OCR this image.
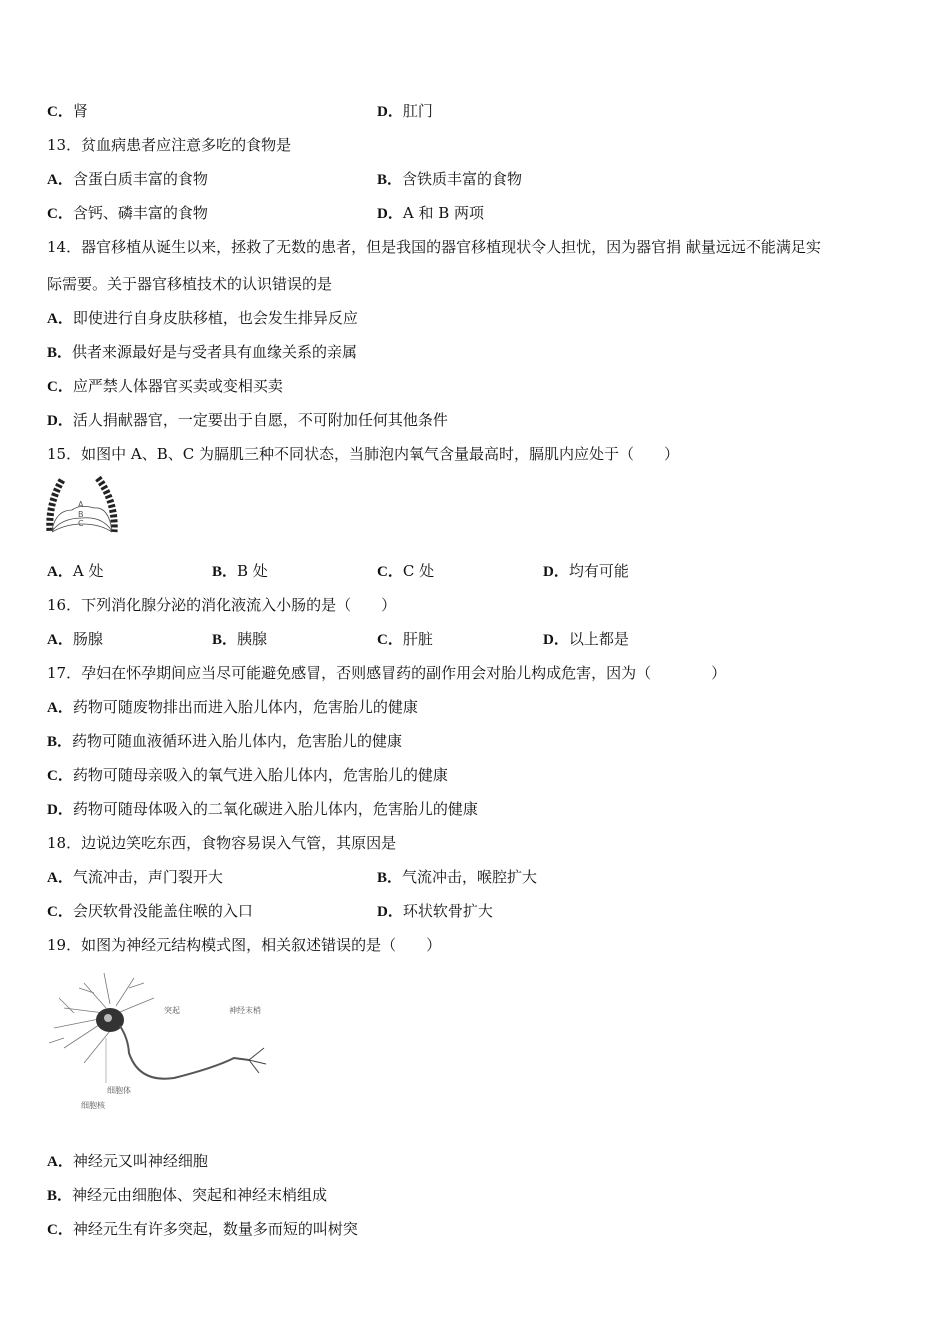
C．肾	D．肛门
13．贫血病患者应注意多吃的食物是
A．含蛋白质丰富的食物	B．含铁质丰富的食物
C．含钙、磷丰富的食物	D．A 和 B 两项
14．器官移植从诞生以来，拯救了无数的患者，但是我国的器官移植现状令人担忧，因为器官捐 献量远远不能满足实
际需要。关于器官移植技术的认识错误的是
A．即使进行自身皮肤移植，也会发生排异反应
B．供者来源最好是与受者具有血缘关系的亲属
C．应严禁人体器官买卖或变相买卖
D．活人捐献器官，一定要出于自愿，不可附加任何其他条件
15．如图中 A、B、C 为膈肌三种不同状态，当肺泡内氧气含量最高时，膈肌内应处于（　　）
A
B
C
A．A 处	B．B 处	C．C 处	D．均有可能
16．下列消化腺分泌的消化液流入小肠的是（　　）
A．肠腺	B．胰腺	C．肝脏	D．以上都是
17．孕妇在怀孕期间应当尽可能避免感冒，否则感冒药的副作用会对胎儿构成危害，因为（　　　　）
A．药物可随废物排出而进入胎儿体内，危害胎儿的健康
B．药物可随血液循环进入胎儿体内，危害胎儿的健康
C．药物可随母亲吸入的氧气进入胎儿体内，危害胎儿的健康
D．药物可随母体吸入的二氧化碳进入胎儿体内，危害胎儿的健康
18．边说边笑吃东西，食物容易误入气管，其原因是
A．气流冲击，声门裂开大	B．气流冲击，喉腔扩大
C．会厌软骨没能盖住喉的入口	D．环状软骨扩大
19．如图为神经元结构模式图，相关叙述错误的是（　　）
突起	神经末梢
细胞体
细胞核
A．神经元又叫神经细胞
B．神经元由细胞体、突起和神经末梢组成
C．神经元生有许多突起，数量多而短的叫树突
